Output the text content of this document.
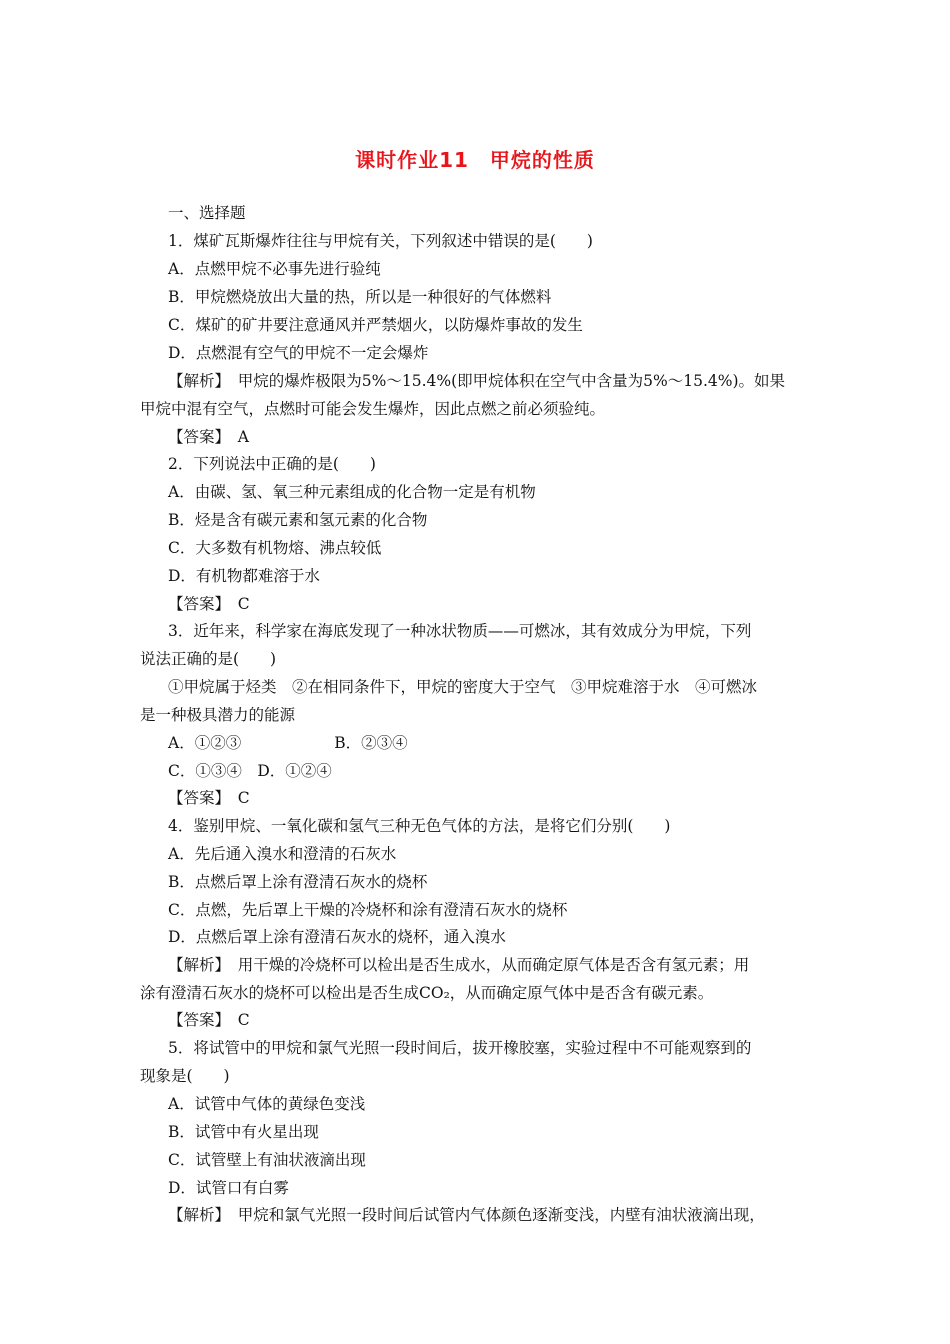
课时作业11　甲烷的性质
一、选择题
1．煤矿瓦斯爆炸往往与甲烷有关，下列叙述中错误的是(　　)
A．点燃甲烷不必事先进行验纯
B．甲烷燃烧放出大量的热，所以是一种很好的气体燃料
C．煤矿的矿井要注意通风并严禁烟火，以防爆炸事故的发生
D．点燃混有空气的甲烷不一定会爆炸
【解析】　甲烷的爆炸极限为5%～15.4%(即甲烷体积在空气中含量为5%～15.4%)。如果
甲烷中混有空气，点燃时可能会发生爆炸，因此点燃之前必须验纯。
【答案】　A
2．下列说法中正确的是(　　)
A．由碳、氢、氧三种元素组成的化合物一定是有机物
B．烃是含有碳元素和氢元素的化合物
C．大多数有机物熔、沸点较低
D．有机物都难溶于水
【答案】　C
3．近年来，科学家在海底发现了一种冰状物质——可燃冰，其有效成分为甲烷，下列
说法正确的是(　　)
①甲烷属于烃类　②在相同条件下，甲烷的密度大于空气　③甲烷难溶于水　④可燃冰
是一种极具潜力的能源
A．①②③　　　　　　B．②③④
C．①③④　D．①②④
【答案】　C
4．鉴别甲烷、一氧化碳和氢气三种无色气体的方法，是将它们分别(　　)
A．先后通入溴水和澄清的石灰水
B．点燃后罩上涂有澄清石灰水的烧杯
C．点燃，先后罩上干燥的冷烧杯和涂有澄清石灰水的烧杯
D．点燃后罩上涂有澄清石灰水的烧杯，通入溴水
【解析】　用干燥的冷烧杯可以检出是否生成水，从而确定原气体是否含有氢元素；用
涂有澄清石灰水的烧杯可以检出是否生成CO₂，从而确定原气体中是否含有碳元素。
【答案】　C
5．将试管中的甲烷和氯气光照一段时间后，拔开橡胶塞，实验过程中不可能观察到的
现象是(　　)
A．试管中气体的黄绿色变浅
B．试管中有火星出现
C．试管壁上有油状液滴出现
D．试管口有白雾
【解析】　甲烷和氯气光照一段时间后试管内气体颜色逐渐变浅，内壁有油状液滴出现，
